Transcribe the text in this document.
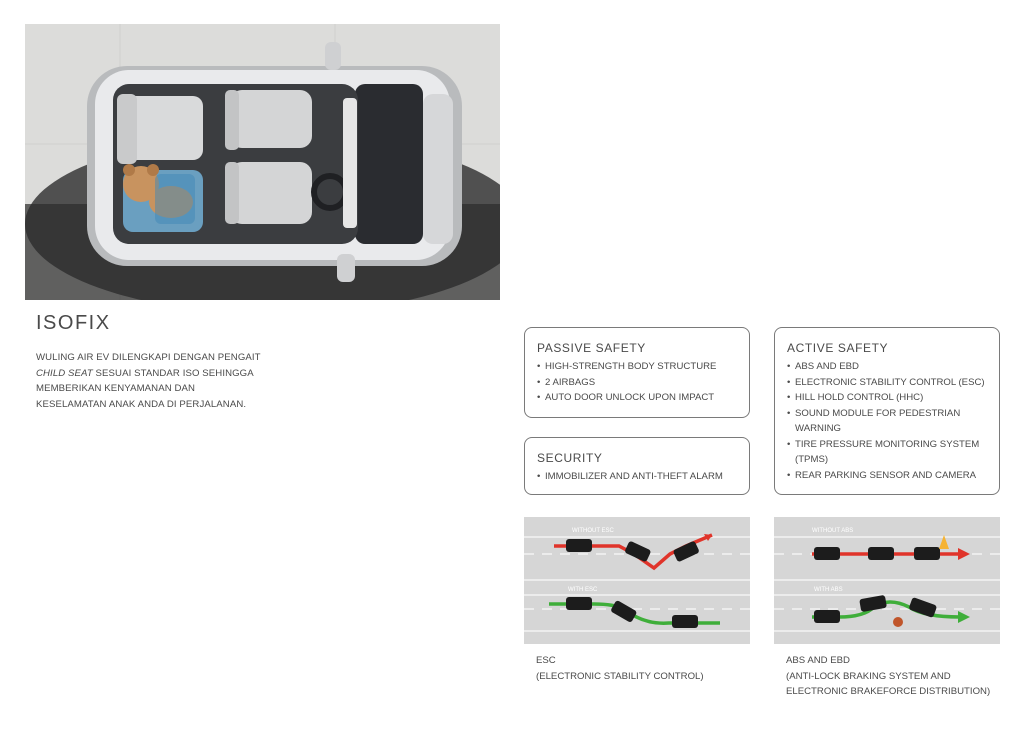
ISOFIX

WULING AIR EV DILENGKAPI DENGAN PENGAIT CHILD SEAT SESUAI STANDAR ISO SEHINGGA MEMBERIKAN KENYAMANAN DAN KESELAMATAN ANAK ANDA DI PERJALANAN.

PASSIVE SAFETY
• HIGH-STRENGTH BODY STRUCTURE
• 2 AIRBAGS
• AUTO DOOR UNLOCK UPON IMPACT
SECURITY
• IMMOBILIZER AND ANTI-THEFT ALARM
ACTIVE SAFETY
• ABS AND EBD
• ELECTRONIC STABILITY CONTROL (ESC)
• HILL HOLD CONTROL (HHC)
• SOUND MODULE FOR PEDESTRIAN WARNING
• TIRE PRESSURE MONITORING SYSTEM (TPMS)
• REAR PARKING SENSOR AND CAMERA
WITHOUT ESC
WITH ESC
WITHOUT ABS
WITH ABS
ESC
(ELECTRONIC STABILITY CONTROL)
ABS AND EBD
(ANTI-LOCK BRAKING SYSTEM AND
ELECTRONIC BRAKEFORCE DISTRIBUTION)
